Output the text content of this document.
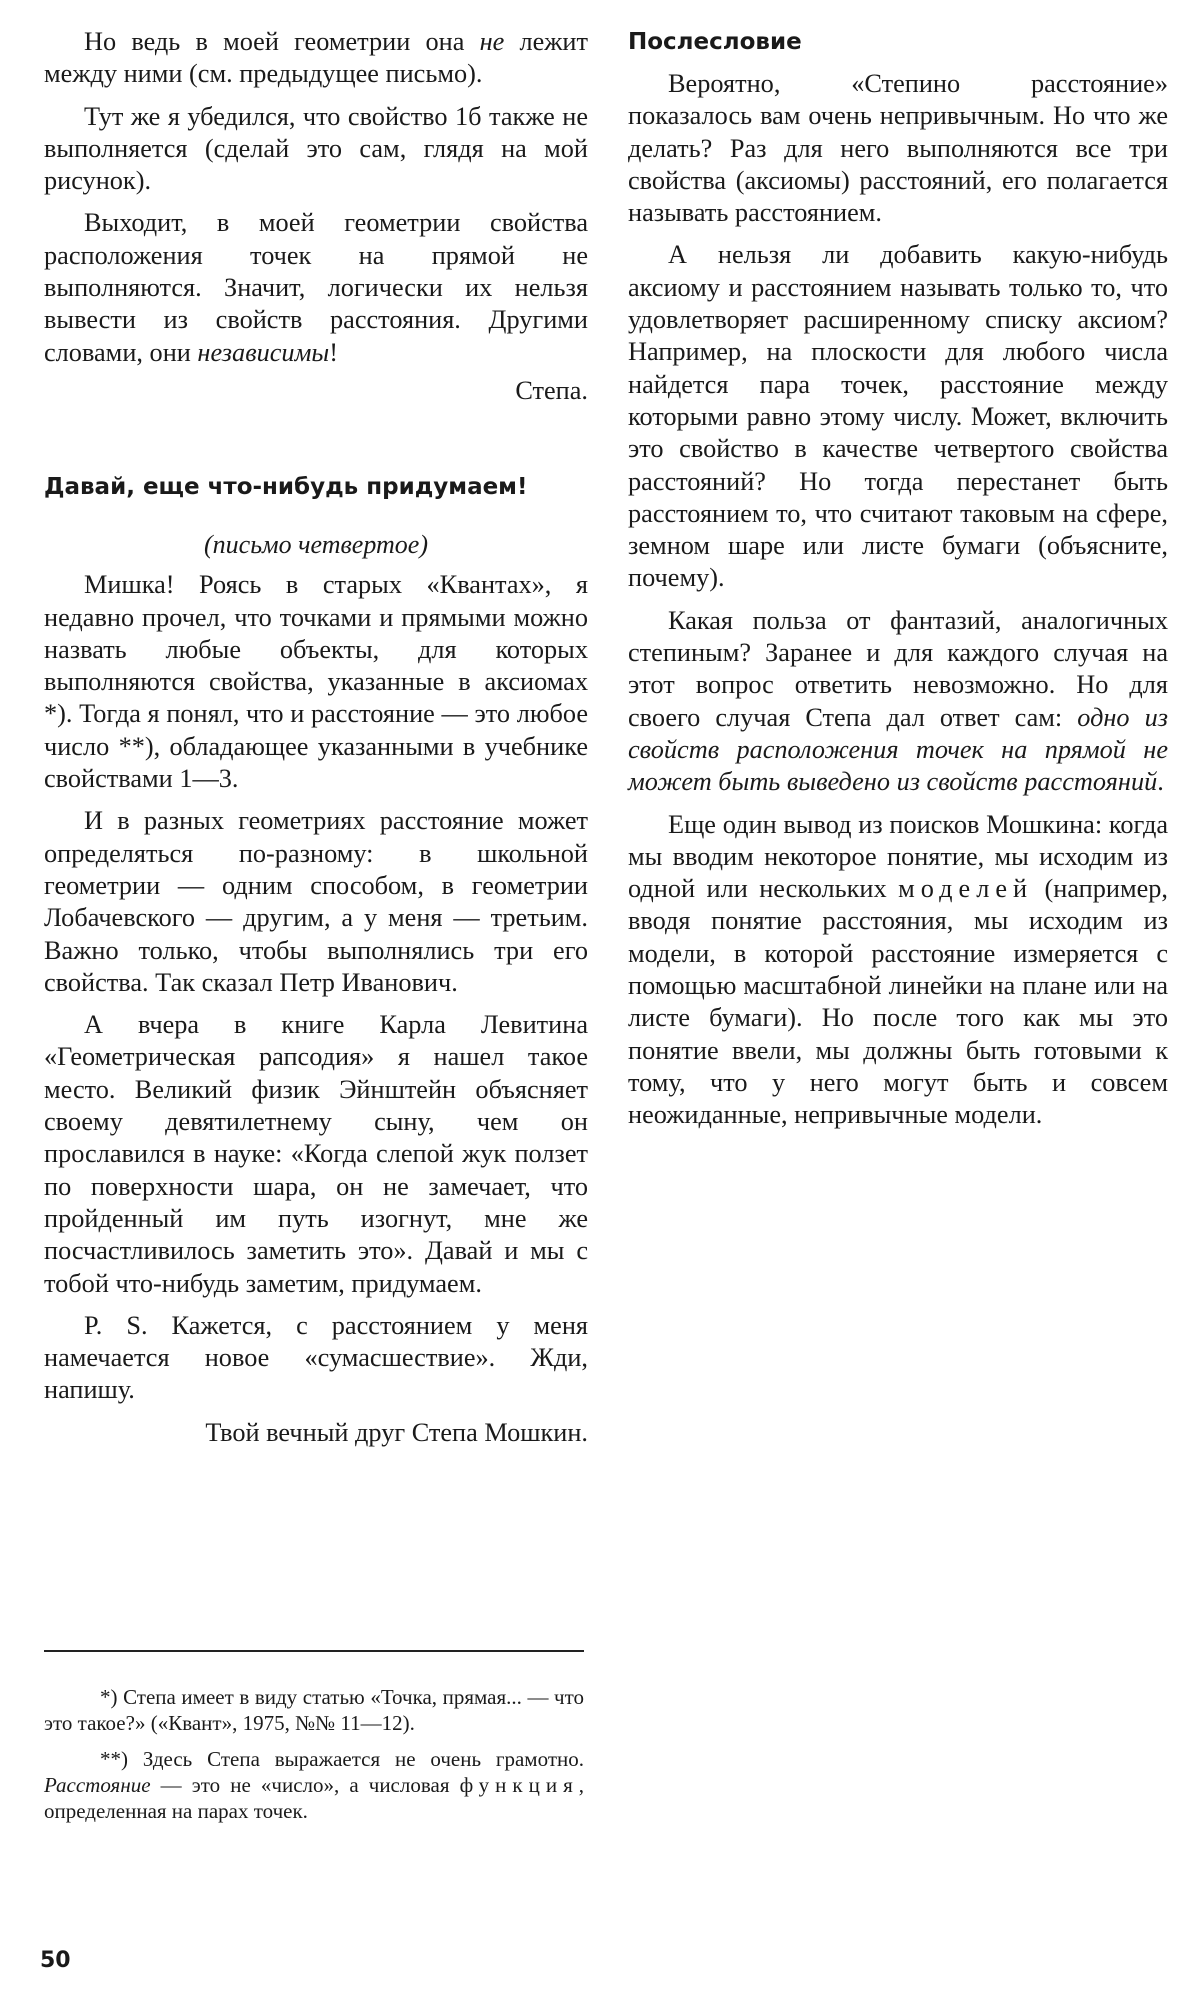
Но ведь в моей геометрии она не лежит между ними (см. предыдущее письмо).

Тут же я убедился, что свойство 1б также не выполняется (сделай это сам, глядя на мой рисунок).

Выходит, в моей геометрии свойства расположения точек на прямой не выполняются. Значит, логически их нельзя вывести из свойств расстояния. Другими словами, они независимы!

Степа.

Давай, еще что-нибудь придумаем!
(письмо четвертое)

Мишка! Роясь в старых «Квантах», я недавно прочел, что точками и прямыми можно назвать любые объекты, для которых выполняются свойства, указанные в аксиомах *). Тогда я понял, что и расстояние — это любое число **), обладающее указанными в учебнике свойствами 1—3.

И в разных геометриях расстояние может определяться по-разному: в школьной геометрии — одним способом, в геометрии Лобачевского — другим, а у меня — третьим. Важно только, чтобы выполнялись три его свойства. Так сказал Петр Иванович.

А вчера в книге Карла Левитина «Геометрическая рапсодия» я нашел такое место. Великий физик Эйнштейн объясняет своему девятилетнему сыну, чем он прославился в науке: «Когда слепой жук ползет по поверхности шара, он не замечает, что пройденный им путь изогнут, мне же посчастливилось заметить это». Давай и мы с тобой что-нибудь заметим, придумаем.

P. S. Кажется, с расстоянием у меня намечается новое «сумасшествие». Жди, напишу.

Твой вечный друг Степа Мошкин.

Послесловие

Вероятно, «Степино расстояние» показалось вам очень непривычным. Но что же делать? Раз для него выполняются все три свойства (аксиомы) расстояний, его полагается называть расстоянием.

А нельзя ли добавить какую-нибудь аксиому и расстоянием называть только то, что удовлетворяет расширенному списку аксиом? Например, на плоскости для любого числа найдется пара точек, расстояние между которыми равно этому числу. Может, включить это свойство в качестве четвертого свойства расстояний? Но тогда перестанет быть расстоянием то, что считают таковым на сфере, земном шаре или листе бумаги (объясните, почему).

Какая польза от фантазий, аналогичных степиным? Заранее и для каждого случая на этот вопрос ответить невозможно. Но для своего случая Степа дал ответ сам: одно из свойств расположения точек на прямой не может быть выведено из свойств расстояний.

Еще один вывод из поисков Мошкина: когда мы вводим некоторое понятие, мы исходим из одной или нескольких моделей (например, вводя понятие расстояния, мы исходим из модели, в которой расстояние измеряется с помощью масштабной линейки на плане или на листе бумаги). Но после того как мы это понятие ввели, мы должны быть готовыми к тому, что у него могут быть и совсем неожиданные, непривычные модели.

*) Степа имеет в виду статью «Точка, прямая... — что это такое?» («Квант», 1975, №№ 11—12).

**) Здесь Степа выражается не очень грамотно. Расстояние — это не «число», а числовая функция, определенная на парах точек.

50
